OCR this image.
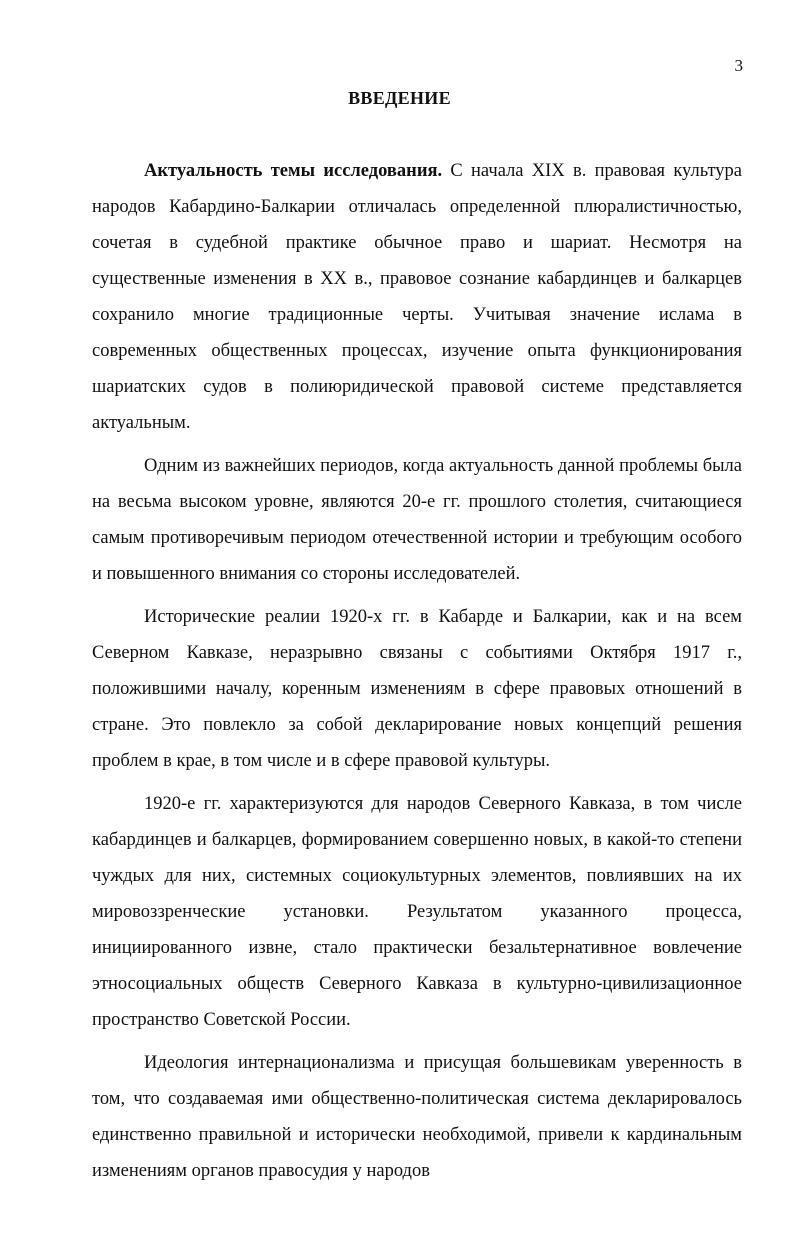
3
ВВЕДЕНИЕ

Актуальность темы исследования. С начала XIX в. правовая культура народов Кабардино-Балкарии отличалась определенной плюралистичностью, сочетая в судебной практике обычное право и шариат. Несмотря на существенные изменения в XX в., правовое сознание кабардинцев и балкарцев сохранило многие традиционные черты. Учитывая значение ислама в современных общественных процессах, изучение опыта функционирования шариатских судов в полиюридической правовой системе представляется актуальным.

Одним из важнейших периодов, когда актуальность данной проблемы была на весьма высоком уровне, являются 20-е гг. прошлого столетия, считающиеся самым противоречивым периодом отечественной истории и требующим особого и повышенного внимания со стороны исследователей.

Исторические реалии 1920-х гг. в Кабарде и Балкарии, как и на всем Северном Кавказе, неразрывно связаны с событиями Октября 1917 г., положившими началу, коренным изменениям в сфере правовых отношений в стране. Это повлекло за собой декларирование новых концепций решения проблем в крае, в том числе и в сфере правовой культуры.

1920-е гг. характеризуются для народов Северного Кавказа, в том числе кабардинцев и балкарцев, формированием совершенно новых, в какой-то степени чуждых для них, системных социокультурных элементов, повлиявших на их мировоззренческие установки. Результатом указанного процесса, инициированного извне, стало практически безальтернативное вовлечение этносоциальных обществ Северного Кавказа в культурно-цивилизационное пространство Советской России.

Идеология интернационализма и присущая большевикам уверенность в том, что создаваемая ими общественно-политическая система декларировалось единственно правильной и исторически необходимой, привели к кардинальным изменениям органов правосудия у народов
